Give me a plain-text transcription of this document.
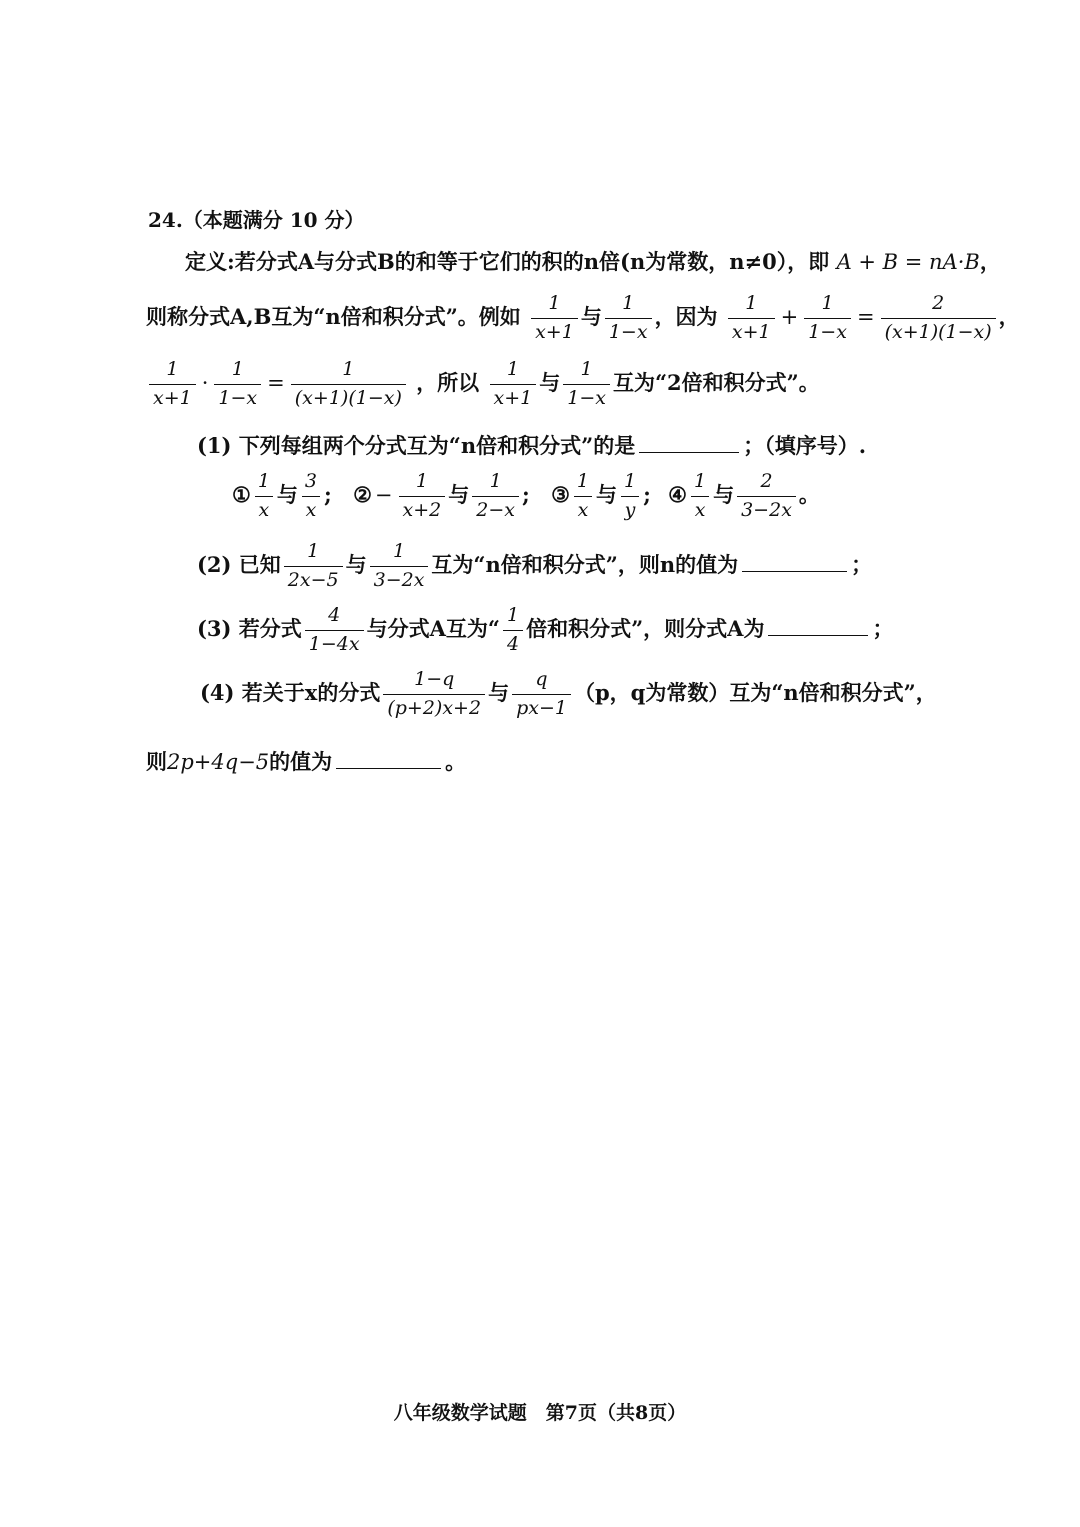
24.（本题满分 10 分）
定义:若分式A与分式B的和等于它们的积的n倍(n为常数，n≠0），即 A + B = nA·B，
则称分式A,B互为“n倍和积分式”。例如 $\frac{1}{x+1}$ 与 $\frac{1}{1-x}$ ，因为 $\frac{1}{x+1} + \frac{1}{1-x} = \frac{2}{(x+1)(1-x)}$ ，
$\frac{1}{x+1} \cdot \frac{1}{1-x} = \frac{1}{(x+1)(1-x)}$ ，所以 $\frac{1}{x+1}$ 与 $\frac{1}{1-x}$ 互为“2倍和积分式”。
(1) 下列每组两个分式互为“n倍和积分式”的是	；（填序号）.
① $\frac{1}{x}$ 与 $\frac{3}{x}$ ; ② − $\frac{1}{x+2}$ 与 $\frac{1}{2-x}$ ; ③ $\frac{1}{x}$ 与 $\frac{1}{y}$ ; ④ $\frac{1}{x}$ 与 $\frac{2}{3-2x}$ 。
(2) 已知 $\frac{1}{2x-5}$ 与 $\frac{1}{3-2x}$ 互为“n倍和积分式”，则n的值为	；
(3) 若分式 $\frac{4}{1-4x}$ 与分式A互为“ $\frac{1}{4}$ 倍和积分式”，则分式A为	；
(4) 若关于x的分式 $\frac{1-q}{(p+2)x+2}$ 与 $\frac{q}{px-1} (p$，q为常数）互为“n倍和积分式”，
则2p+4q−5的值为	。
八年级数学试题　第7页（共8页）
